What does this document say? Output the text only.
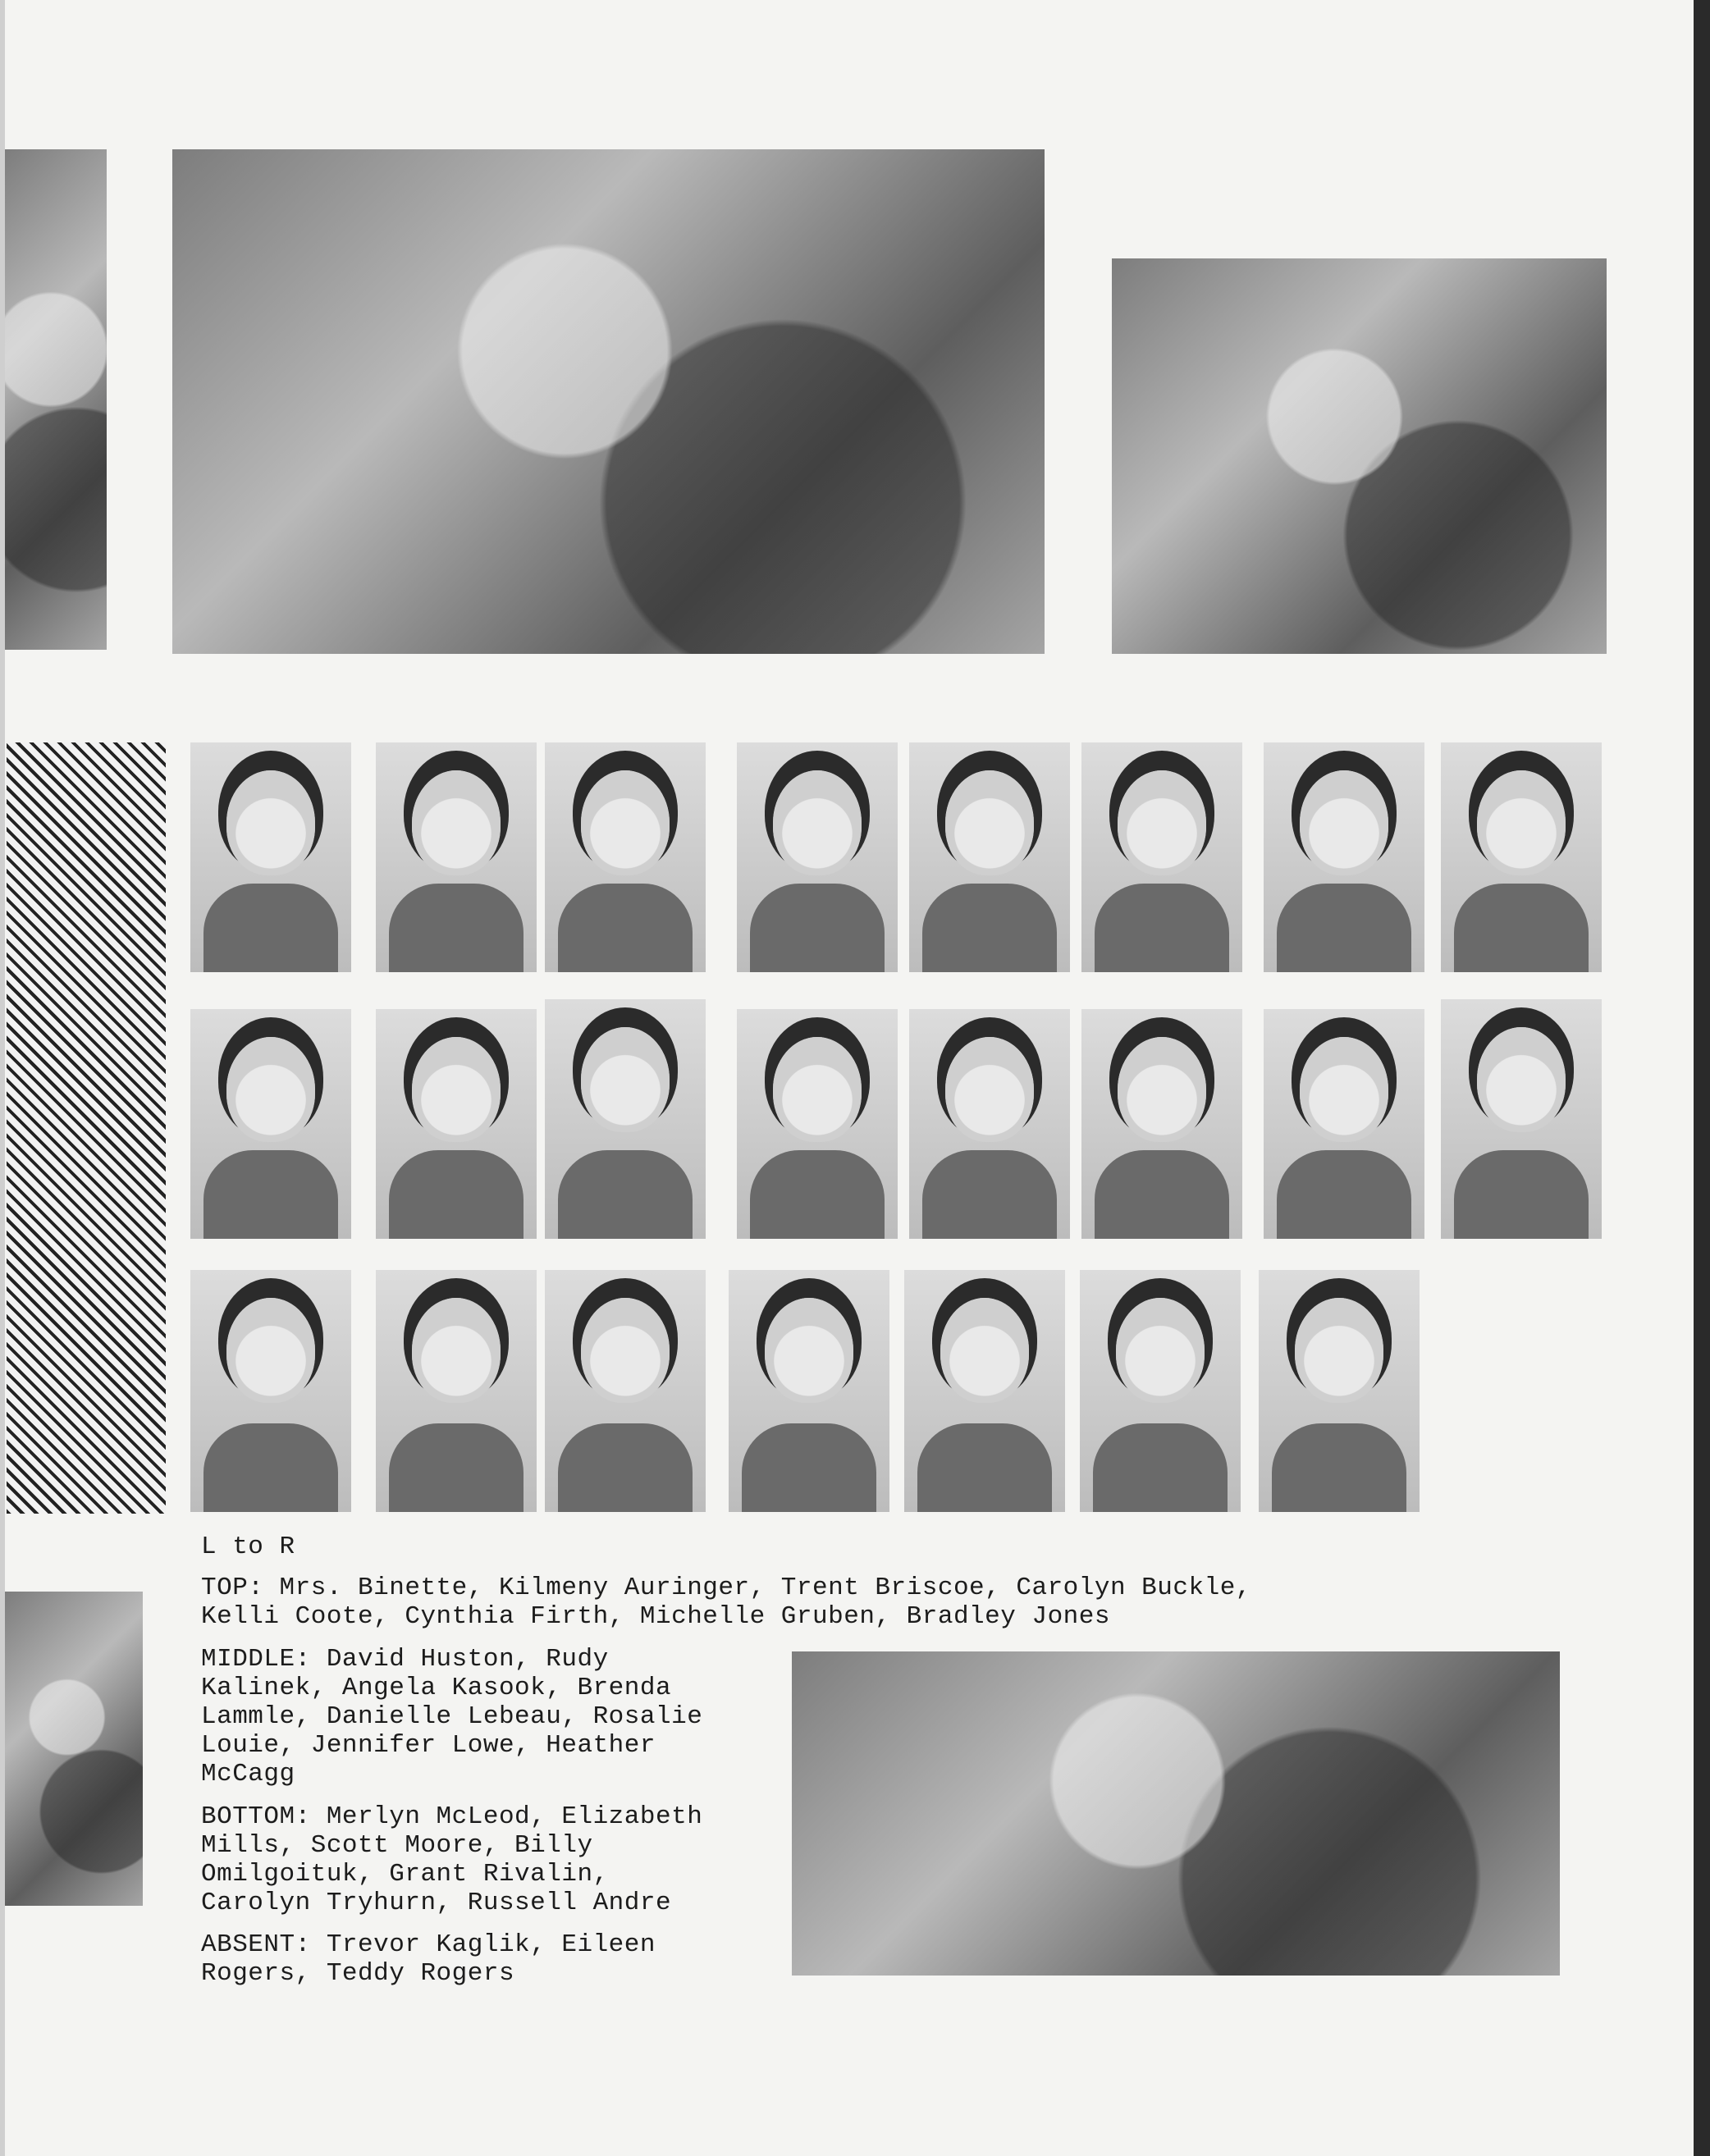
L to R
TOP: Mrs. Binette, Kilmeny Auringer, Trent Briscoe, Carolyn Buckle,
Kelli Coote, Cynthia Firth, Michelle Gruben, Bradley Jones
MIDDLE: David Huston, Rudy
Kalinek, Angela Kasook, Brenda
Lammle, Danielle Lebeau, Rosalie
Louie, Jennifer Lowe, Heather
McCagg
BOTTOM: Merlyn McLeod, Elizabeth
Mills, Scott Moore, Billy
Omilgoituk, Grant Rivalin,
Carolyn Tryhurn, Russell Andre
ABSENT: Trevor Kaglik, Eileen
Rogers, Teddy Rogers
